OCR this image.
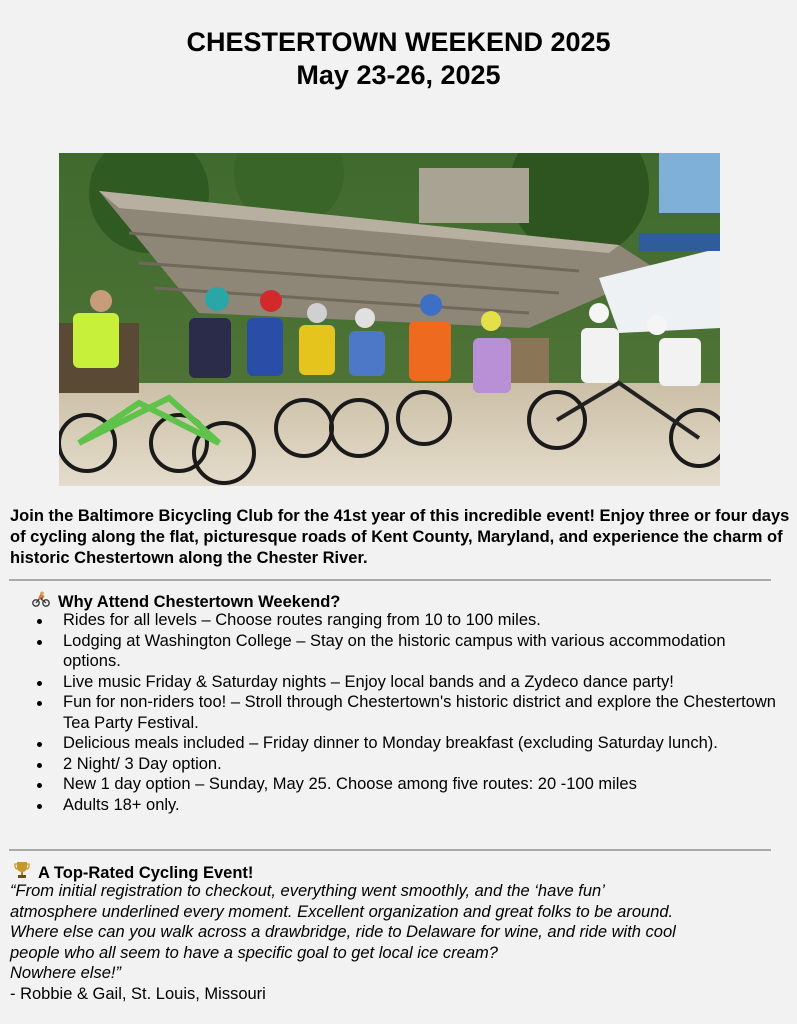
CHESTERTOWN WEEKEND 2025
May 23-26, 2025
Join the Baltimore Bicycling Club for the 41st year of this incredible event! Enjoy three or four days of cycling along the flat, picturesque roads of Kent County, Maryland, and experience the charm of historic Chestertown along the Chester River.
Why Attend Chestertown Weekend?
Rides for all levels – Choose routes ranging from 10 to 100 miles.
Lodging at Washington College – Stay on the historic campus with various accommodation options.
Live music Friday & Saturday nights – Enjoy local bands and a Zydeco dance party!
Fun for non-riders too! – Stroll through Chestertown's historic district and explore the Chestertown Tea Party Festival.
Delicious meals included – Friday dinner to Monday breakfast (excluding Saturday lunch).
2 Night/ 3 Day option.
New 1 day option – Sunday, May 25. Choose among five routes: 20 -100 miles
Adults 18+ only.
A Top-Rated Cycling Event!
“From initial registration to checkout, everything went smoothly, and the ‘have fun’
atmosphere underlined every moment. Excellent organization and great folks to be around.
Where else can you walk across a drawbridge, ride to Delaware for wine, and ride with cool
people who all seem to have a specific goal to get local ice cream?
Nowhere else!”
- Robbie & Gail, St. Louis, Missouri
